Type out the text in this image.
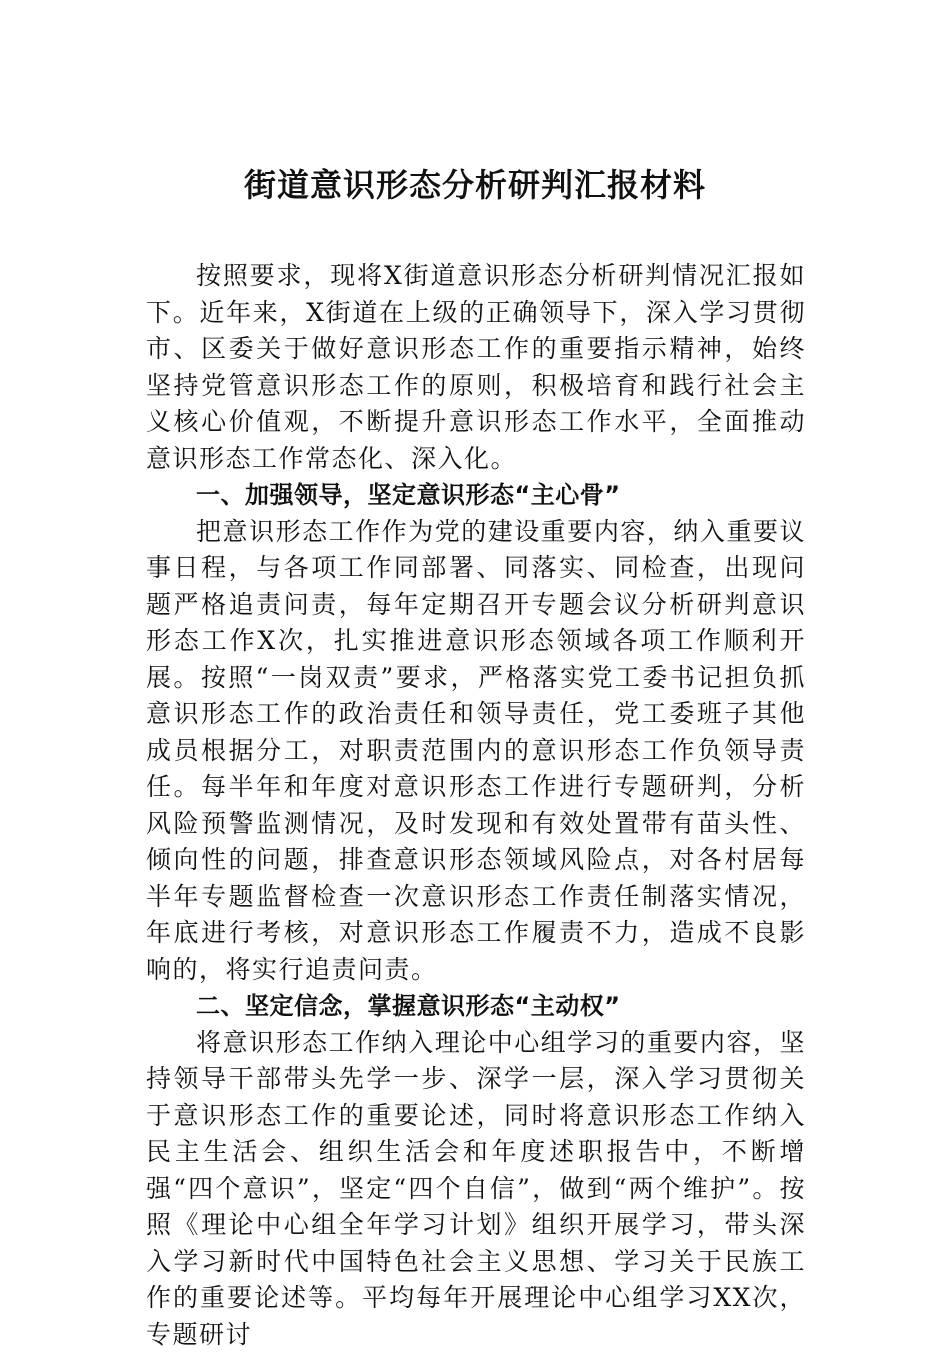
街道意识形态分析研判汇报材料

按照要求，现将X街道意识形态分析研判情况汇报如下。近年来，X街道在上级的正确领导下，深入学习贯彻市、区委关于做好意识形态工作的重要指示精神，始终坚持党管意识形态工作的原则，积极培育和践行社会主义核心价值观，不断提升意识形态工作水平，全面推动意识形态工作常态化、深入化。

一、加强领导，坚定意识形态“主心骨”

把意识形态工作作为党的建设重要内容，纳入重要议事日程，与各项工作同部署、同落实、同检查，出现问题严格追责问责，每年定期召开专题会议分析研判意识形态工作X次，扎实推进意识形态领域各项工作顺利开展。按照“一岗双责”要求，严格落实党工委书记担负抓意识形态工作的政治责任和领导责任，党工委班子其他成员根据分工，对职责范围内的意识形态工作负领导责任。每半年和年度对意识形态工作进行专题研判，分析风险预警监测情况，及时发现和有效处置带有苗头性、倾向性的问题，排查意识形态领域风险点，对各村居每半年专题监督检查一次意识形态工作责任制落实情况，年底进行考核，对意识形态工作履责不力，造成不良影响的，将实行追责问责。

二、坚定信念，掌握意识形态“主动权”

将意识形态工作纳入理论中心组学习的重要内容，坚持领导干部带头先学一步、深学一层，深入学习贯彻关于意识形态工作的重要论述，同时将意识形态工作纳入民主生活会、组织生活会和年度述职报告中，不断增强“四个意识”，坚定“四个自信”，做到“两个维护”。按照《理论中心组全年学习计划》组织开展学习，带头深入学习新时代中国特色社会主义思想、学习关于民族工作的重要论述等。平均每年开展理论中心组学习XX次，专题研讨
